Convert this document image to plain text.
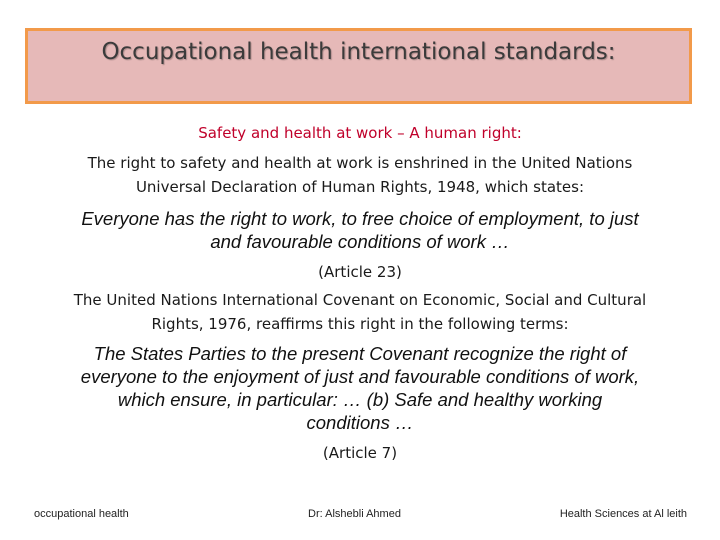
Occupational health international standards:
Safety and health at work – A human right:
The right to safety and health at work is enshrined in the United Nations
Universal Declaration of Human Rights, 1948, which states:
Everyone has the right to work, to free choice of employment, to just
and favourable conditions of work …
(Article 23)
The United Nations International Covenant on Economic, Social and Cultural
Rights, 1976, reaffirms this right in the following terms:
The States Parties to the present Covenant recognize the right of
everyone to the enjoyment of just and favourable conditions of work,
which ensure, in particular: … (b) Safe and healthy working
conditions …
(Article 7)
occupational health	Dr: Alshebli Ahmed	Health Sciences at Al leith
